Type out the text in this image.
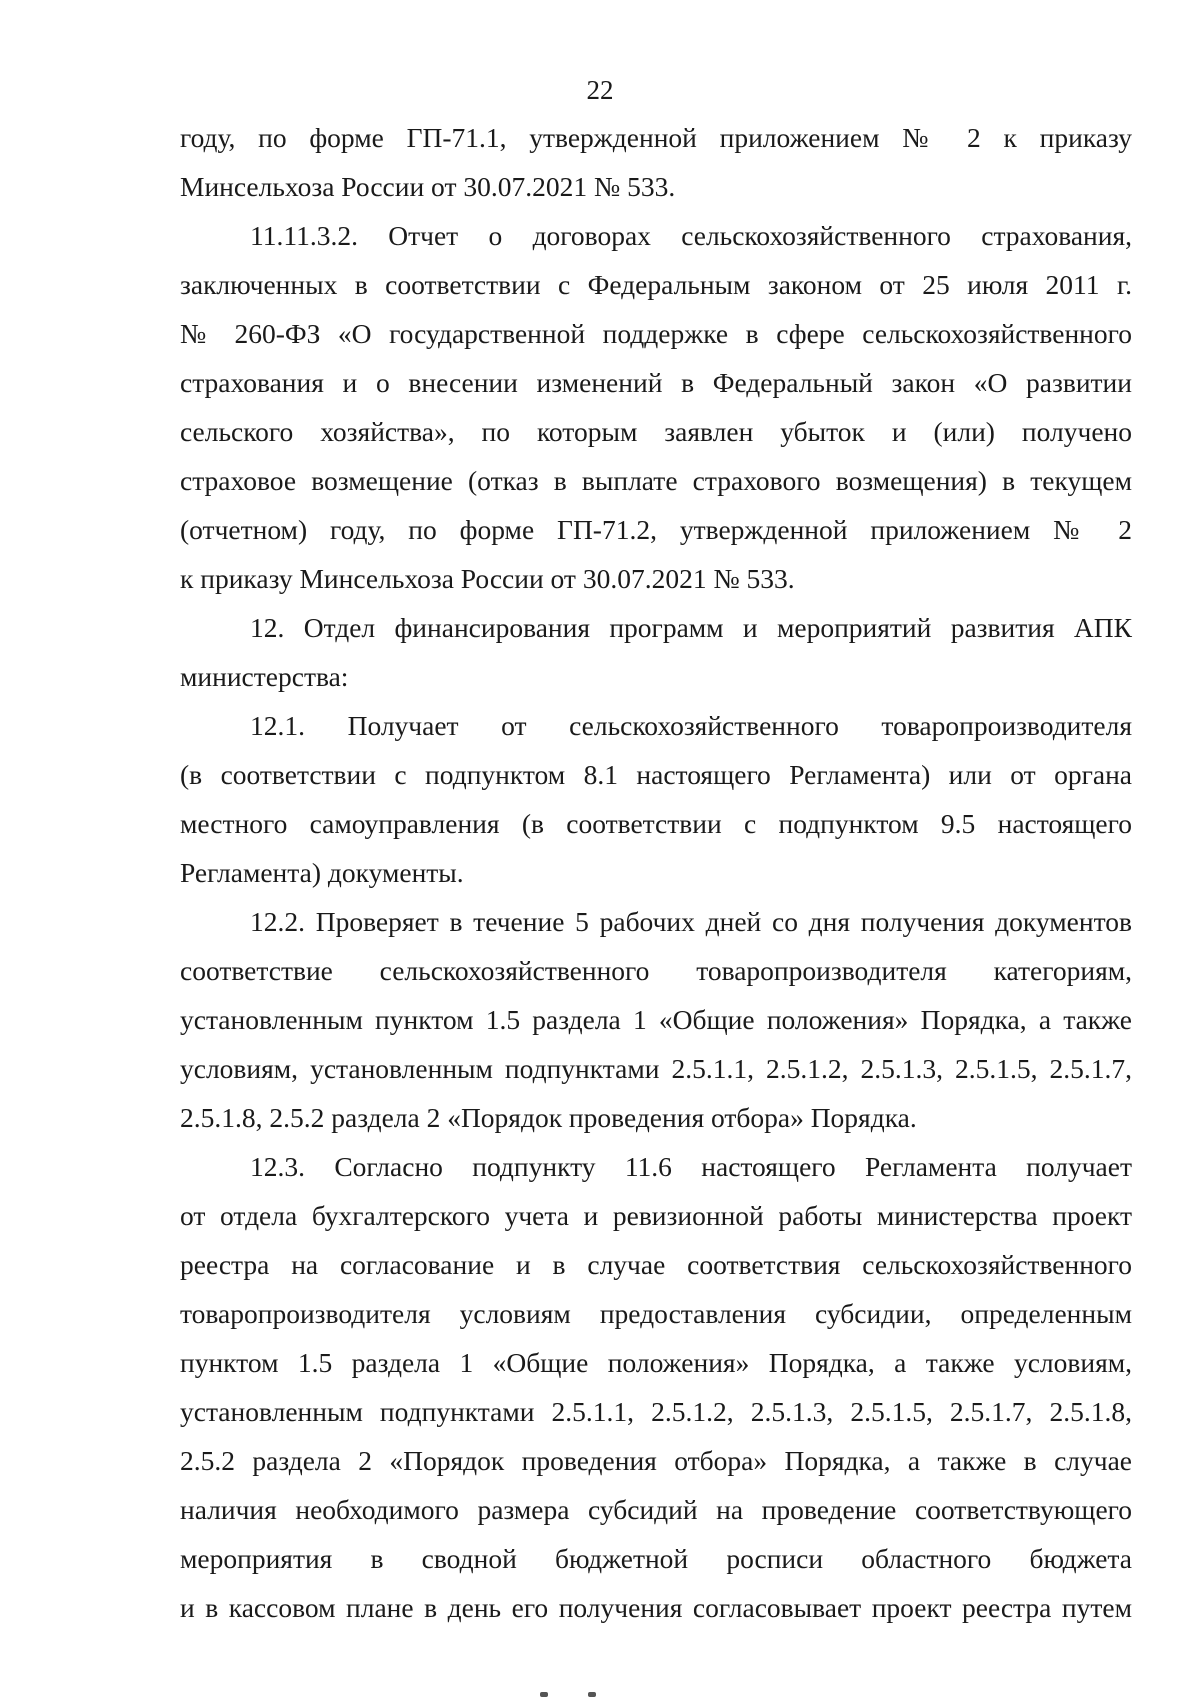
22
году, по форме ГП-71.1, утвержденной приложением № 2 к приказу
Минсельхоза России от 30.07.2021 № 533.
11.11.3.2. Отчет о договорах сельскохозяйственного страхования,
заключенных в соответствии с Федеральным законом от 25 июля 2011 г.
№ 260-ФЗ «О государственной поддержке в сфере сельскохозяйственного
страхования и о внесении изменений в Федеральный закон «О развитии
сельского хозяйства», по которым заявлен убыток и (или) получено
страховое возмещение (отказ в выплате страхового возмещения) в текущем
(отчетном) году, по форме ГП-71.2, утвержденной приложением № 2
к приказу Минсельхоза России от 30.07.2021 № 533.
12. Отдел финансирования программ и мероприятий развития АПК
министерства:
12.1. Получает от сельскохозяйственного товаропроизводителя
(в соответствии с подпунктом 8.1 настоящего Регламента) или от органа
местного самоуправления (в соответствии с подпунктом 9.5 настоящего
Регламента) документы.
12.2. Проверяет в течение 5 рабочих дней со дня получения документов
соответствие сельскохозяйственного товаропроизводителя категориям,
установленным пунктом 1.5 раздела 1 «Общие положения» Порядка, а также
условиям, установленным подпунктами 2.5.1.1, 2.5.1.2, 2.5.1.3, 2.5.1.5, 2.5.1.7,
2.5.1.8, 2.5.2 раздела 2 «Порядок проведения отбора» Порядка.
12.3. Согласно подпункту 11.6 настоящего Регламента получает
от отдела бухгалтерского учета и ревизионной работы министерства проект
реестра на согласование и в случае соответствия сельскохозяйственного
товаропроизводителя условиям предоставления субсидии, определенным
пунктом 1.5 раздела 1 «Общие положения» Порядка, а также условиям,
установленным подпунктами 2.5.1.1, 2.5.1.2, 2.5.1.3, 2.5.1.5, 2.5.1.7, 2.5.1.8,
2.5.2 раздела 2 «Порядок проведения отбора» Порядка, а также в случае
наличия необходимого размера субсидий на проведение соответствующего
мероприятия в сводной бюджетной росписи областного бюджета
и в кассовом плане в день его получения согласовывает проект реестра путем
